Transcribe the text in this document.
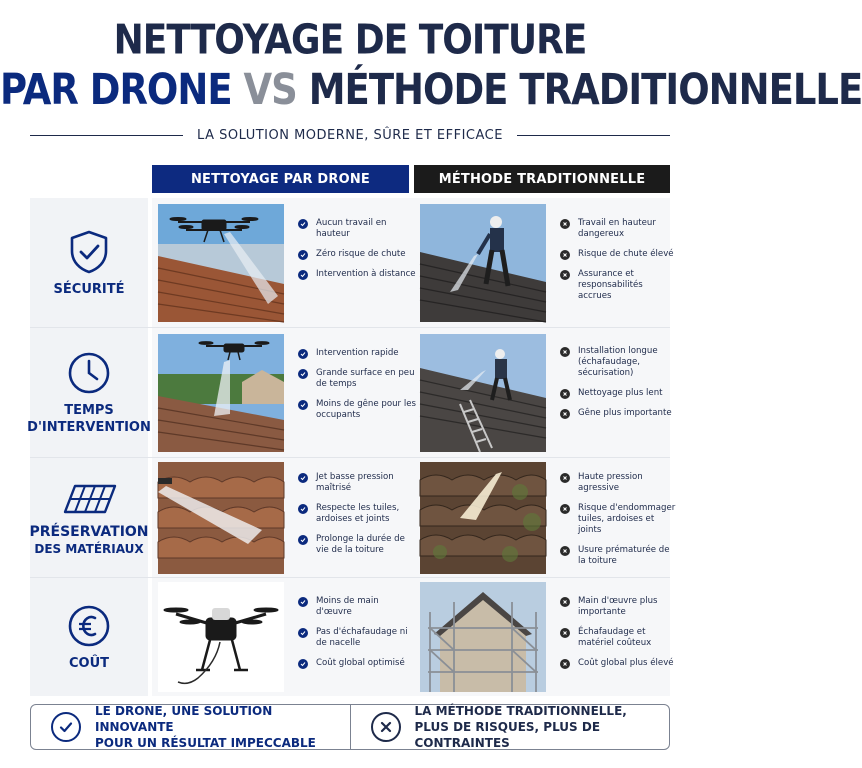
NETTOYAGE DE TOITURE
PAR DRONE VS MÉTHODE TRADITIONNELLE
LA SOLUTION MODERNE, SÛRE ET EFFICACE
NETTOYAGE PAR DRONE	MÉTHODE TRADITIONNELLE
SÉCURITÉ
Aucun travail en hauteur
Zéro risque de chute
Intervention à distance
Travail en hauteur dangereux
Risque de chute élevé
Assurance et responsabilités accrues
TEMPS
D'INTERVENTION
Intervention rapide
Grande surface en peu de temps
Moins de gêne pour les occupants
Installation longue (échafaudage, sécurisation)
Nettoyage plus lent
Gêne plus importante
PRÉSERVATION
DES MATÉRIAUX
Jet basse pression maîtrisé
Respecte les tuiles, ardoises et joints
Prolonge la durée de vie de la toiture
Haute pression agressive
Risque d'endommager tuiles, ardoises et joints
Usure prématurée de la toiture
COÛT
Moins de main d'œuvre
Pas d'échafaudage ni de nacelle
Coût global optimisé
Main d'œuvre plus importante
Échafaudage et matériel coûteux
Coût global plus élevé
LE DRONE, UNE SOLUTION INNOVANTE
POUR UN RÉSULTAT IMPECCABLE
LA MÉTHODE TRADITIONNELLE,
PLUS DE RISQUES, PLUS DE CONTRAINTES
